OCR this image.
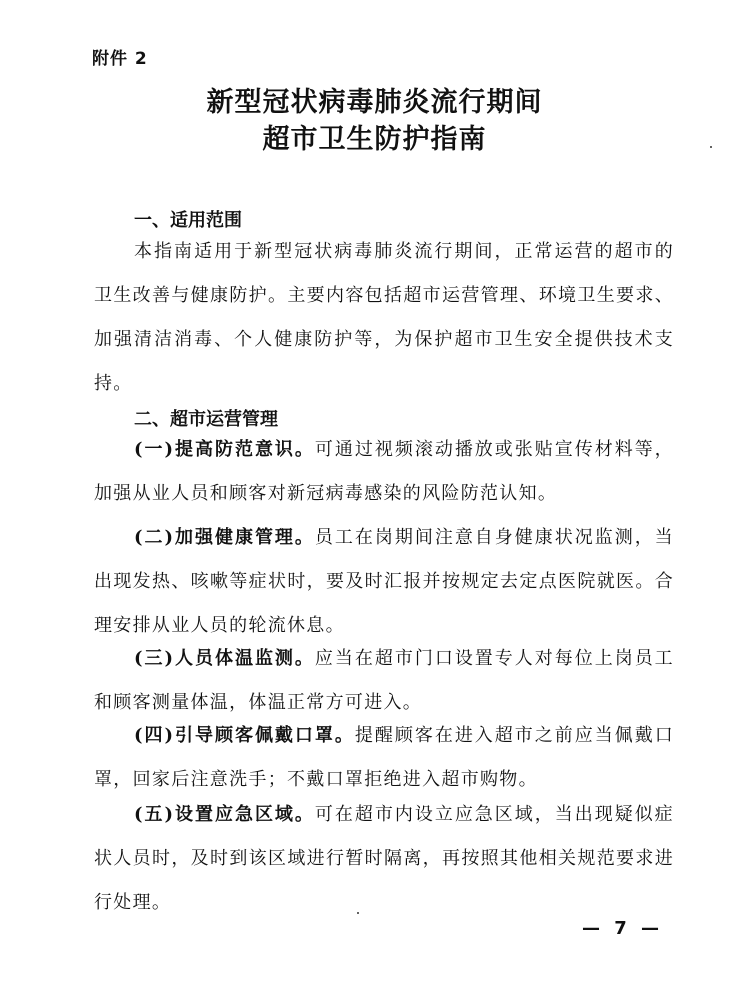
附件 2
新型冠状病毒肺炎流行期间
超市卫生防护指南
一、适用范围
本指南适用于新型冠状病毒肺炎流行期间，正常运营的超市的卫生改善与健康防护。主要内容包括超市运营管理、环境卫生要求、加强清洁消毒、个人健康防护等，为保护超市卫生安全提供技术支持。
二、超市运营管理
(一)提高防范意识。可通过视频滚动播放或张贴宣传材料等，加强从业人员和顾客对新冠病毒感染的风险防范认知。
(二)加强健康管理。员工在岗期间注意自身健康状况监测，当出现发热、咳嗽等症状时，要及时汇报并按规定去定点医院就医。合理安排从业人员的轮流休息。
(三)人员体温监测。应当在超市门口设置专人对每位上岗员工和顾客测量体温，体温正常方可进入。
(四)引导顾客佩戴口罩。提醒顾客在进入超市之前应当佩戴口罩，回家后注意洗手；不戴口罩拒绝进入超市购物。
(五)设置应急区域。可在超市内设立应急区域，当出现疑似症状人员时，及时到该区域进行暂时隔离，再按照其他相关规范要求进行处理。
— 7 —
